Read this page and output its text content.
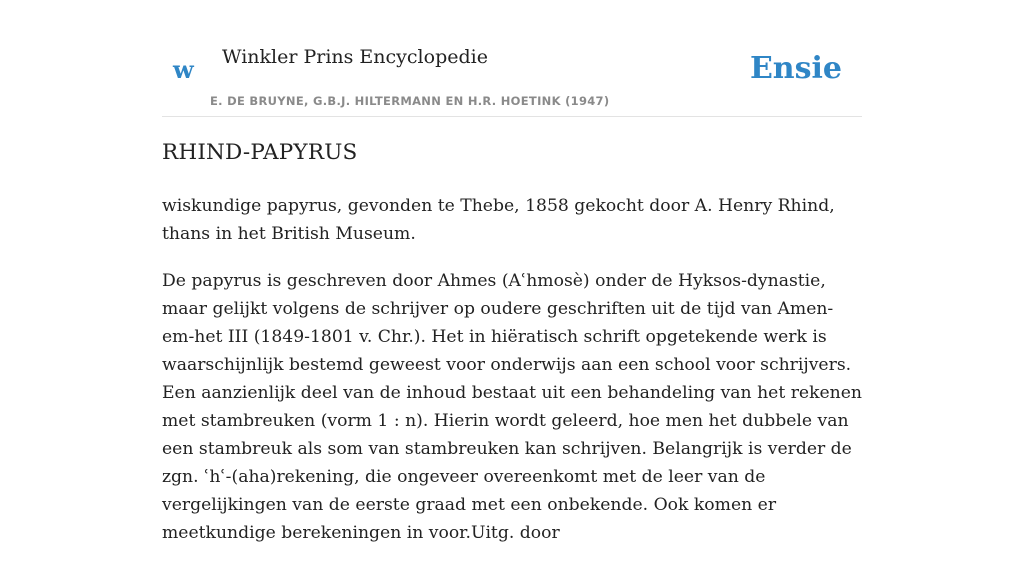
w Winkler Prins Encyclopedie
E. DE BRUYNE, G.B.J. HILTERMANN EN H.R. HOETINK (1947)
Ensie
RHIND-PAPYRUS

wiskundige papyrus, gevonden te Thebe, 1858 gekocht door A. Henry Rhind, thans in het British Museum.

De papyrus is geschreven door Ahmes (Aʿhmosè) onder de Hyksos-dynastie, maar gelijkt volgens de schrijver op oudere geschriften uit de tijd van Amen-em-het III (1849-1801 v. Chr.). Het in hiëratisch schrift opgetekende werk is waarschijnlijk bestemd geweest voor onderwijs aan een school voor schrijvers. Een aanzienlijk deel van de inhoud bestaat uit een behandeling van het rekenen met stambreuken (vorm 1 : n). Hierin wordt geleerd, hoe men het dubbele van een stambreuk als som van stambreuken kan schrijven. Belangrijk is verder de zgn. ʿhʿ-(aha)rekening, die ongeveer overeenkomt met de leer van de vergelijkingen van de eerste graad met een onbekende. Ook komen er meetkundige berekeningen in voor.Uitg. door
